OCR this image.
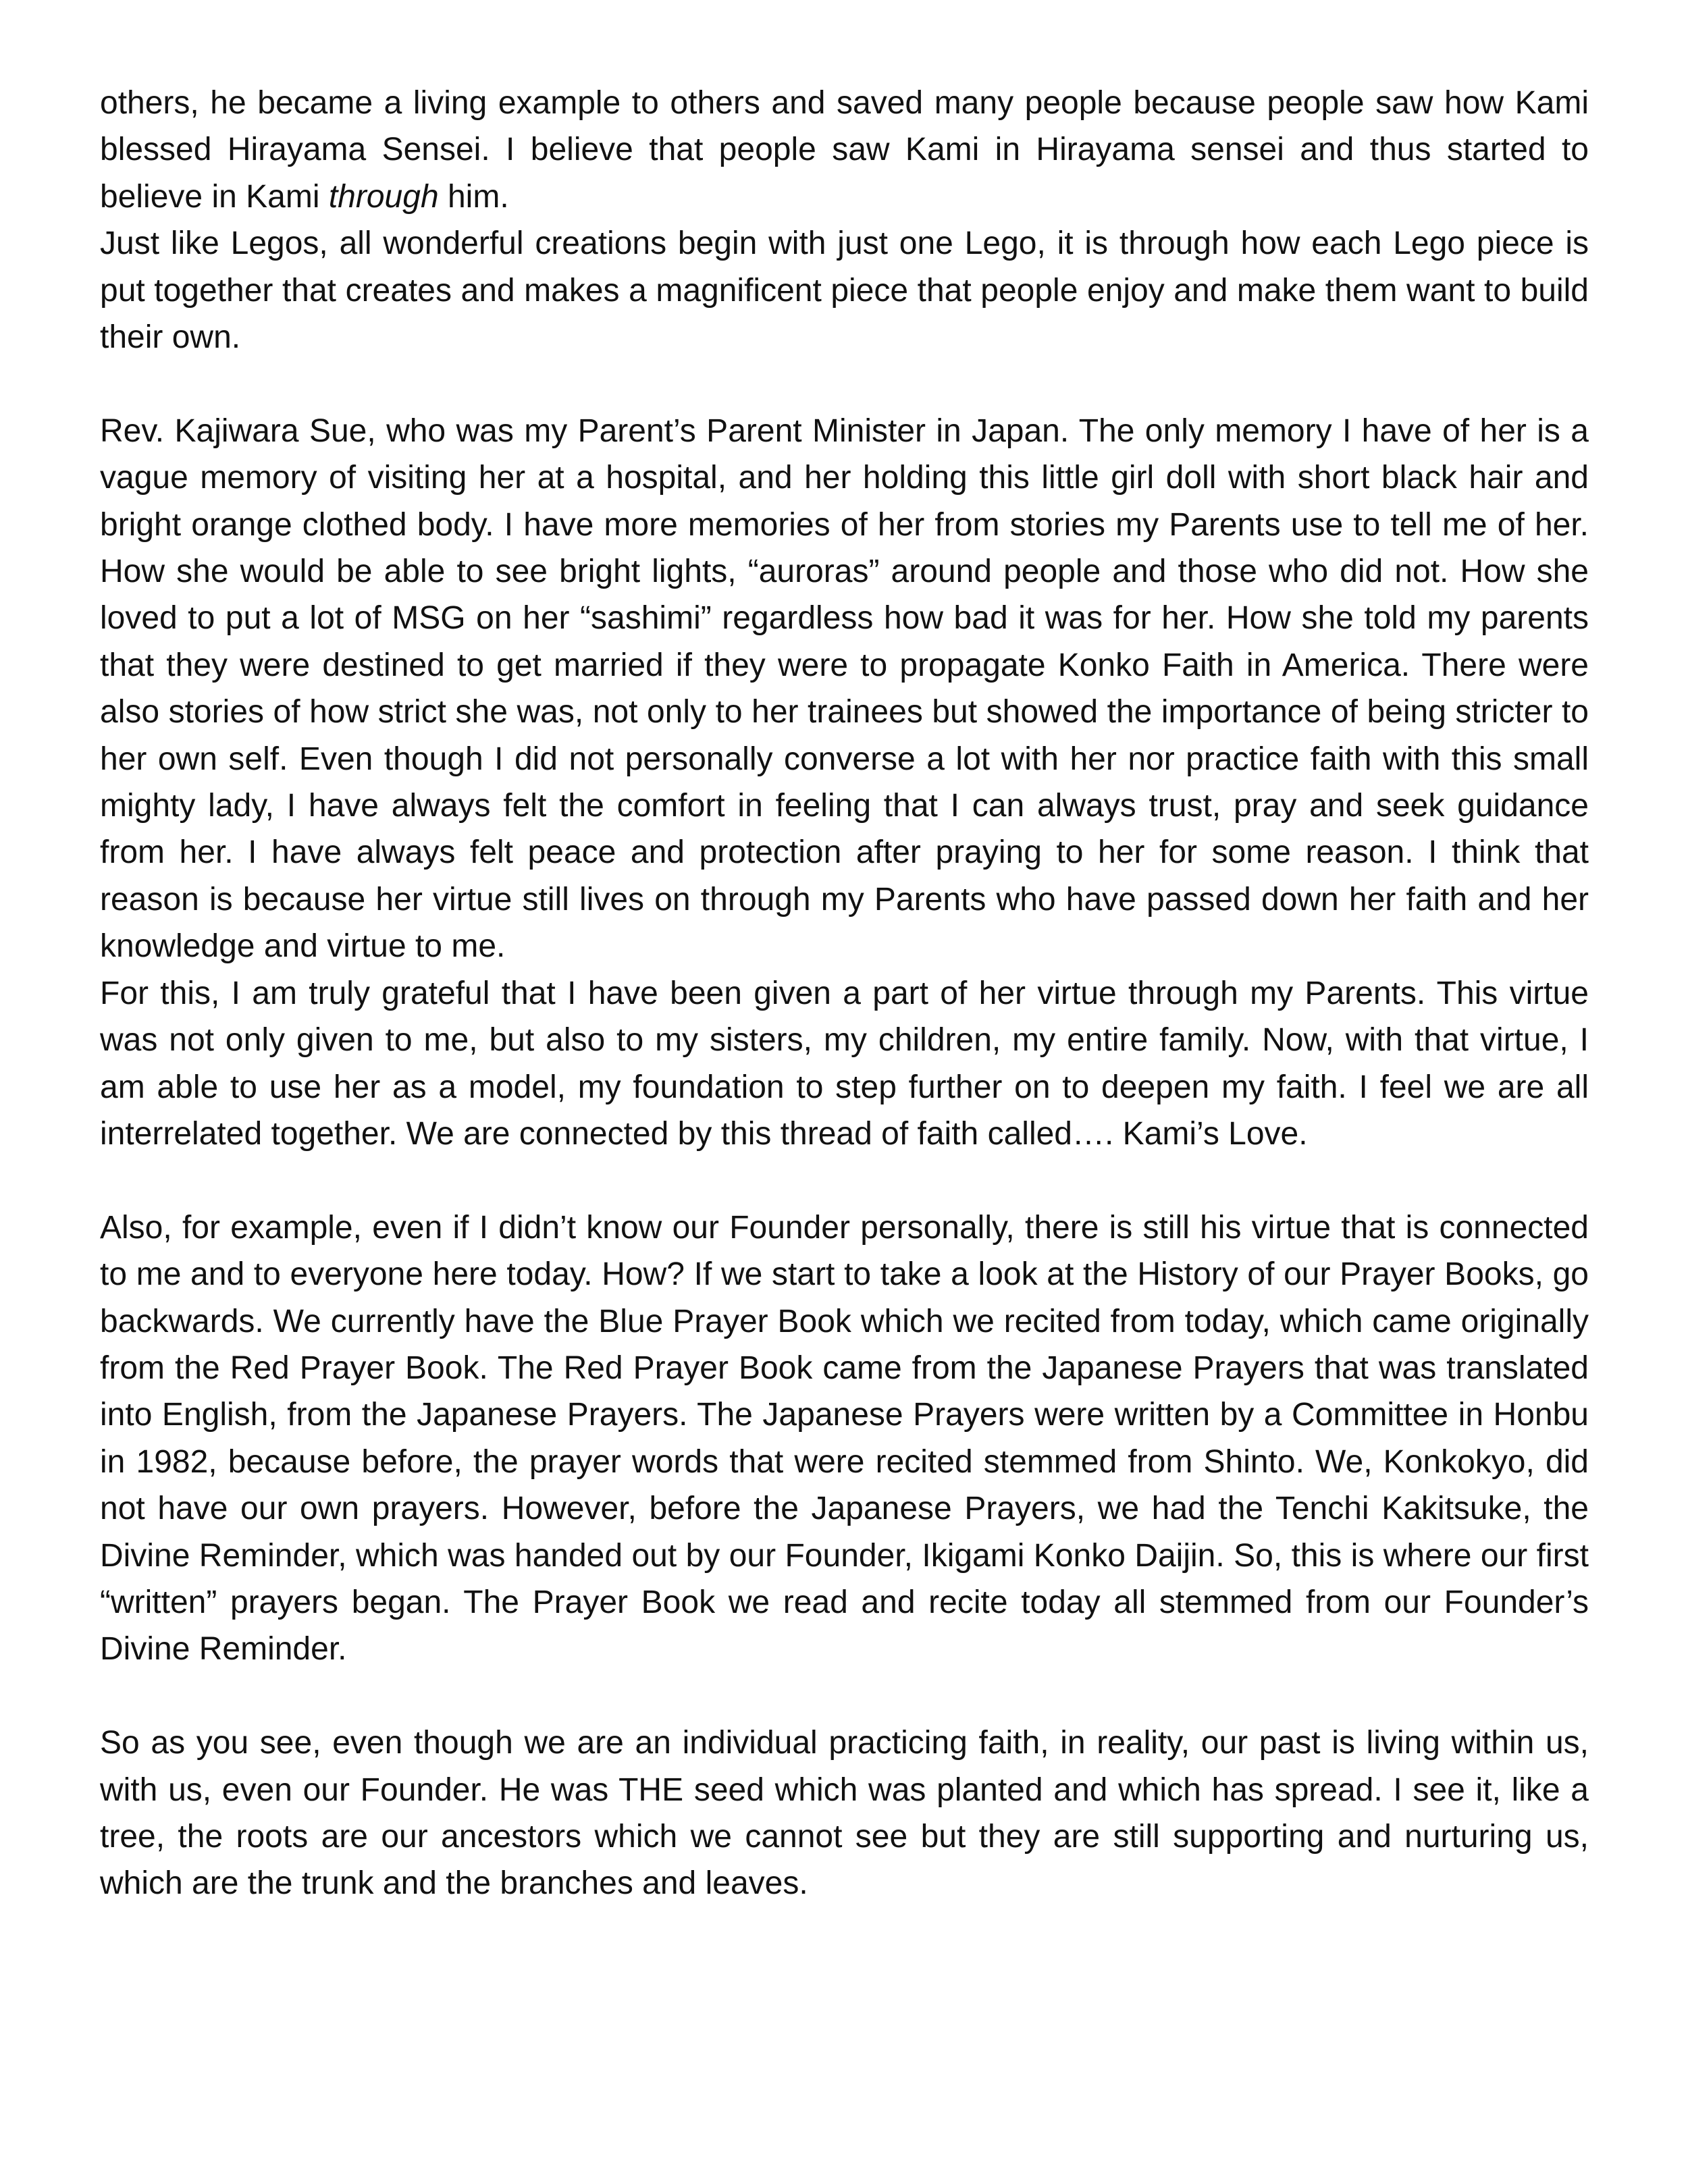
others, he became a living example to others and saved many people because people saw how Kami blessed Hirayama Sensei. I believe that people saw Kami in Hirayama sensei and thus started to believe in Kami through him.

Just like Legos, all wonderful creations begin with just one Lego, it is through how each Lego piece is put together that creates and makes a magnificent piece that people enjoy and make them want to build their own.

Rev. Kajiwara Sue, who was my Parent’s Parent Minister in Japan. The only memory I have of her is a vague memory of visiting her at a hospital, and her holding this little girl doll with short black hair and bright orange clothed body. I have more memories of her from stories my Parents use to tell me of her. How she would be able to see bright lights, “auroras” around people and those who did not. How she loved to put a lot of MSG on her “sashimi” regardless how bad it was for her. How she told my parents that they were destined to get married if they were to propagate Konko Faith in America. There were also stories of how strict she was, not only to her trainees but showed the importance of being stricter to her own self. Even though I did not personally converse a lot with her nor practice faith with this small mighty lady, I have always felt the comfort in feeling that I can always trust, pray and seek guidance from her. I have always felt peace and protection after praying to her for some reason. I think that reason is because her virtue still lives on through my Parents who have passed down her faith and her knowledge and virtue to me.

For this, I am truly grateful that I have been given a part of her virtue through my Parents. This virtue was not only given to me, but also to my sisters, my children, my entire family. Now, with that virtue, I am able to use her as a model, my foundation to step further on to deepen my faith. I feel we are all interrelated together. We are connected by this thread of faith called…. Kami’s Love.

Also, for example, even if I didn’t know our Founder personally, there is still his virtue that is connected to me and to everyone here today. How? If we start to take a look at the History of our Prayer Books, go backwards. We currently have the Blue Prayer Book which we recited from today, which came originally from the Red Prayer Book. The Red Prayer Book came from the Japanese Prayers that was translated into English, from the Japanese Prayers. The Japanese Prayers were written by a Committee in Honbu in 1982, because before, the prayer words that were recited stemmed from Shinto. We, Konkokyo, did not have our own prayers. However, before the Japanese Prayers, we had the Tenchi Kakitsuke, the Divine Reminder, which was handed out by our Founder, Ikigami Konko Daijin. So, this is where our first “written” prayers began. The Prayer Book we read and recite today all stemmed from our Founder’s Divine Reminder.

So as you see, even though we are an individual practicing faith, in reality, our past is living within us, with us, even our Founder. He was THE seed which was planted and which has spread. I see it, like a tree, the roots are our ancestors which we cannot see but they are still supporting and nurturing us, which are the trunk and the branches and leaves.
